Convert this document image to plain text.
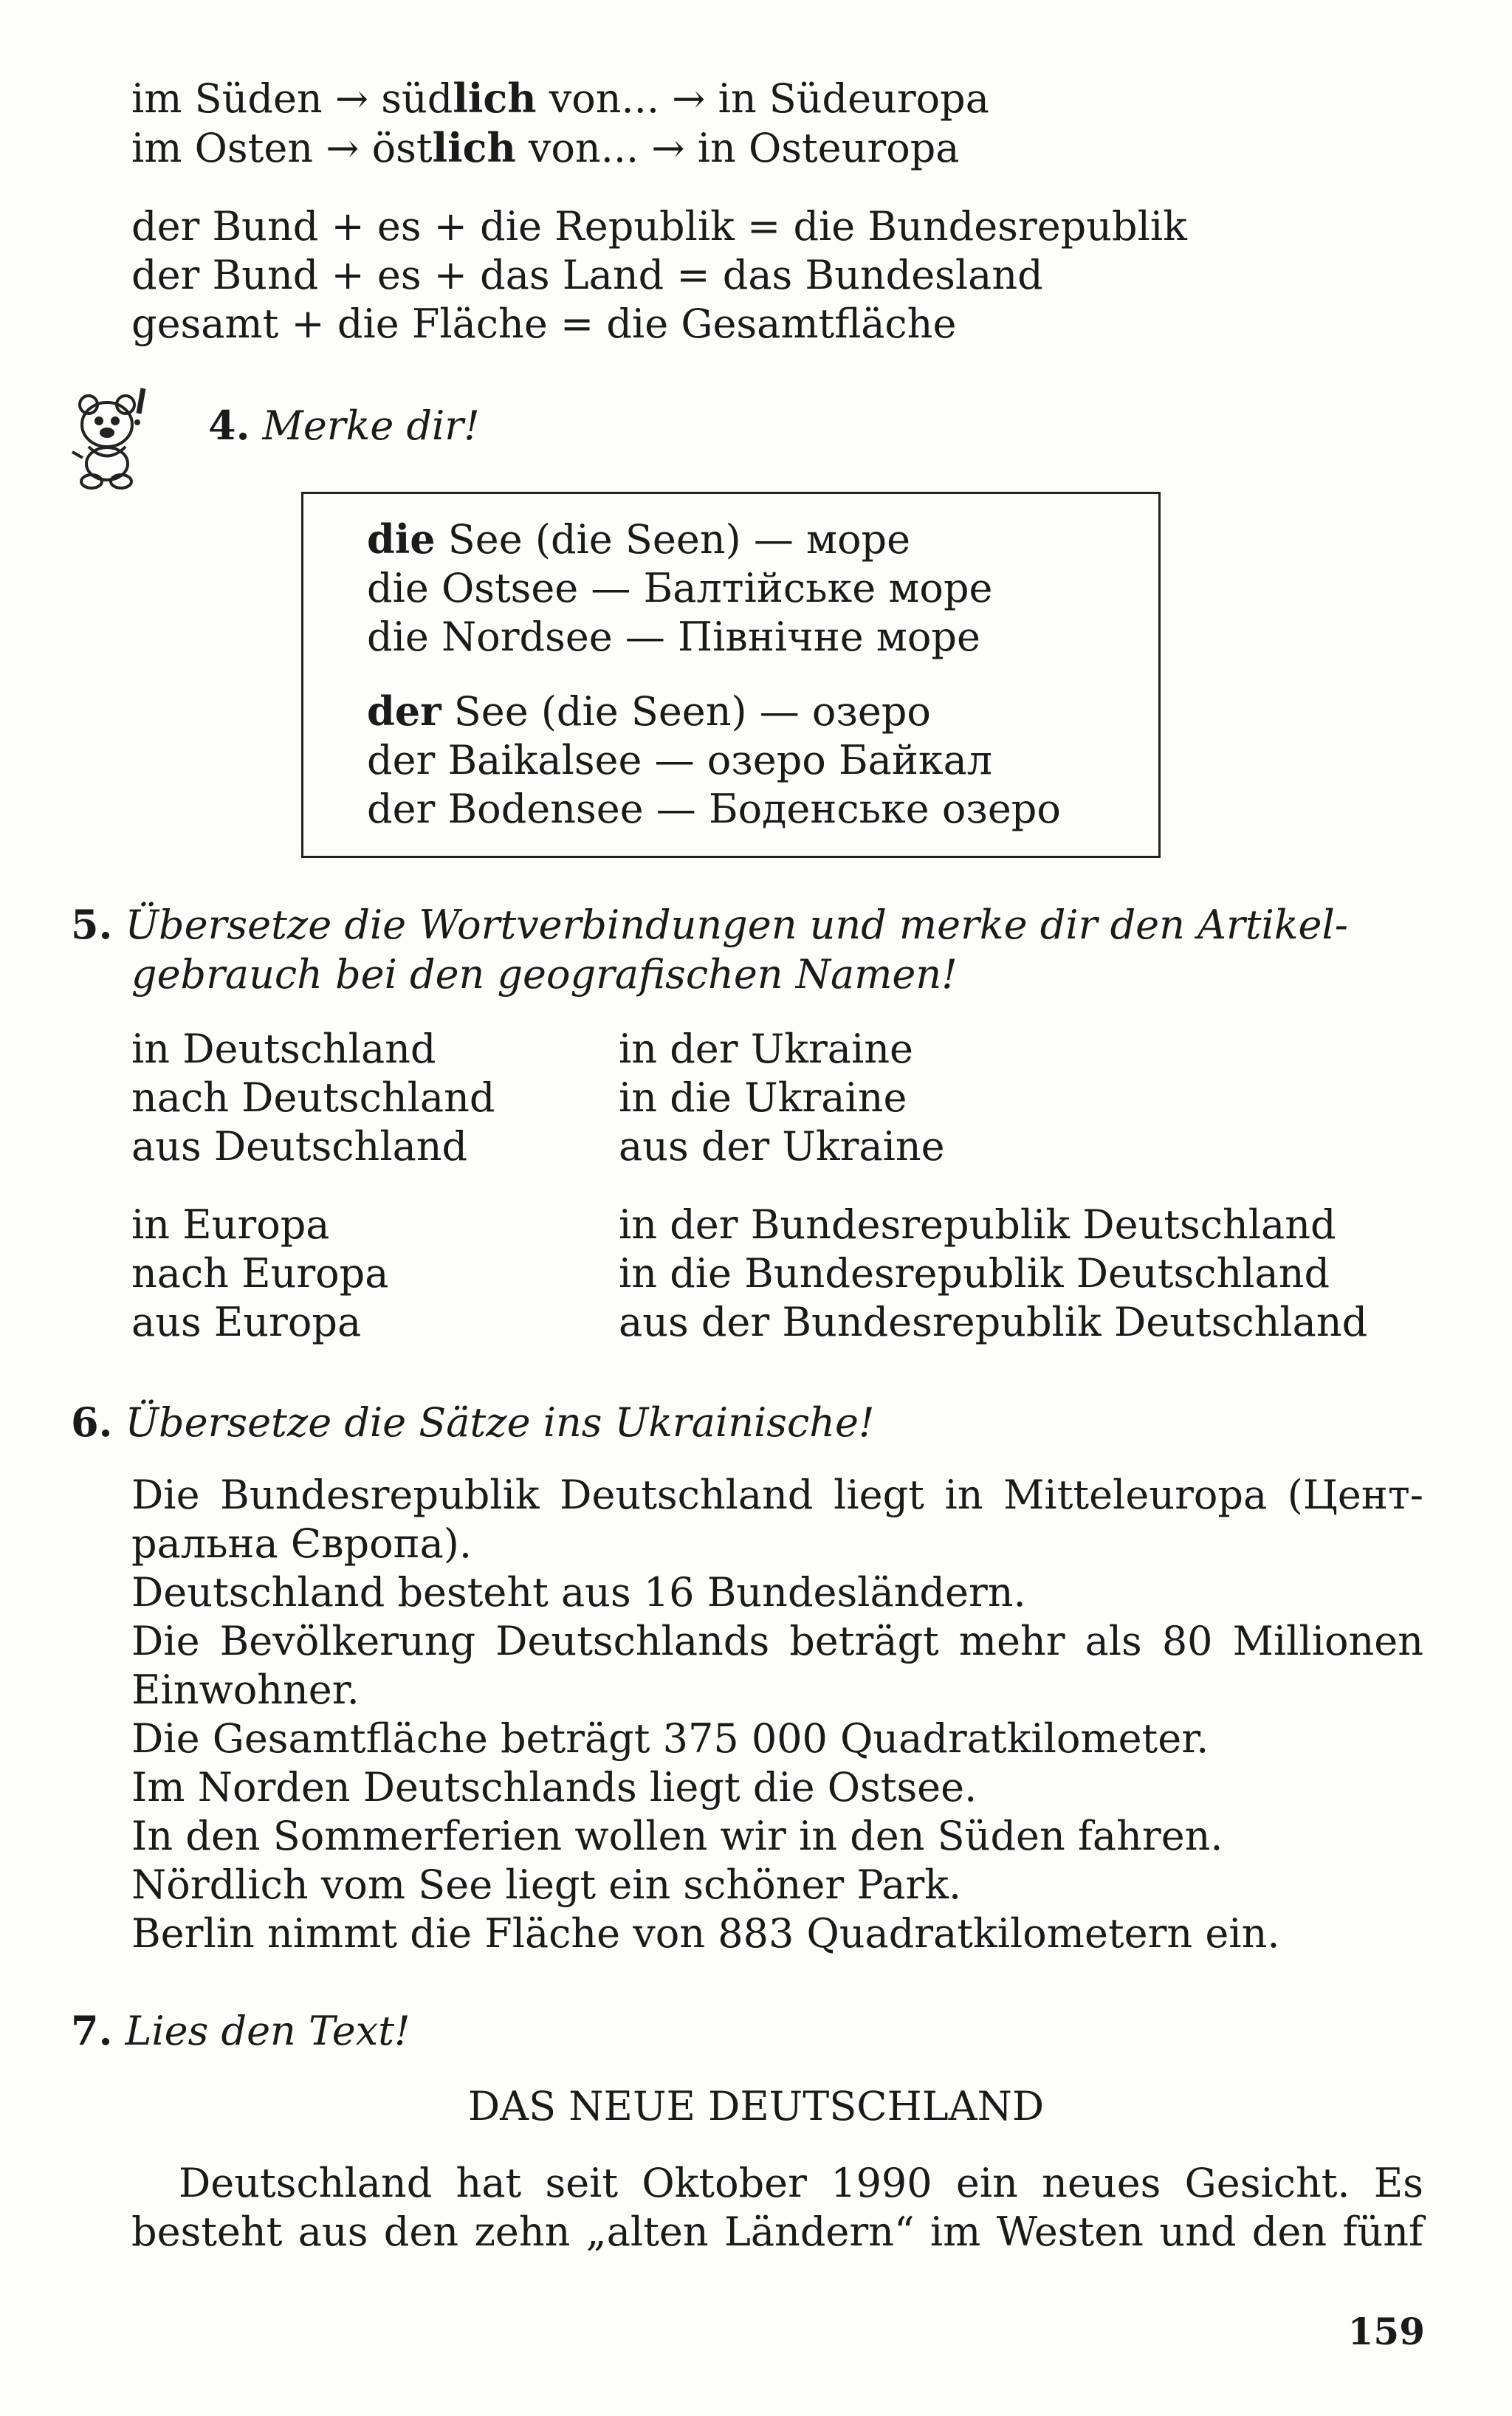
im Süden → südlich von... → in Südeuropa
im Osten → östlich von... → in Osteuropa
der Bund + es + die Republik = die Bundesrepublik
der Bund + es + das Land = das Bundesland
gesamt + die Fläche = die Gesamtfläche
4. Merke dir!
die See (die Seen) — море
die Ostsee — Балтійське море
die Nordsee — Північне море
der See (die Seen) — озеро
der Baikalsee — озеро Байкал
der Bodensee — Боденське озеро
5. Übersetze die Wortverbindungen und merke dir den Artikel-
gebrauch bei den geografischen Namen!
in Deutschland
nach Deutschland
aus Deutschland
in der Ukraine
in die Ukraine
aus der Ukraine
in Europa
nach Europa
aus Europa
in der Bundesrepublik Deutschland
in die Bundesrepublik Deutschland
aus der Bundesrepublik Deutschland
6. Übersetze die Sätze ins Ukrainische!
Die Bundesrepublik Deutschland liegt in Mitteleuropa (Цент-
ральна Європа).
Deutschland besteht aus 16 Bundesländern.
Die Bevölkerung Deutschlands beträgt mehr als 80 Millionen
Einwohner.
Die Gesamtfläche beträgt 375 000 Quadratkilometer.
Im Norden Deutschlands liegt die Ostsee.
In den Sommerferien wollen wir in den Süden fahren.
Nördlich vom See liegt ein schöner Park.
Berlin nimmt die Fläche von 883 Quadratkilometern ein.
7. Lies den Text!
DAS NEUE DEUTSCHLAND
Deutschland hat seit Oktober 1990 ein neues Gesicht. Es
besteht aus den zehn „alten Ländern“ im Westen und den fünf
159
